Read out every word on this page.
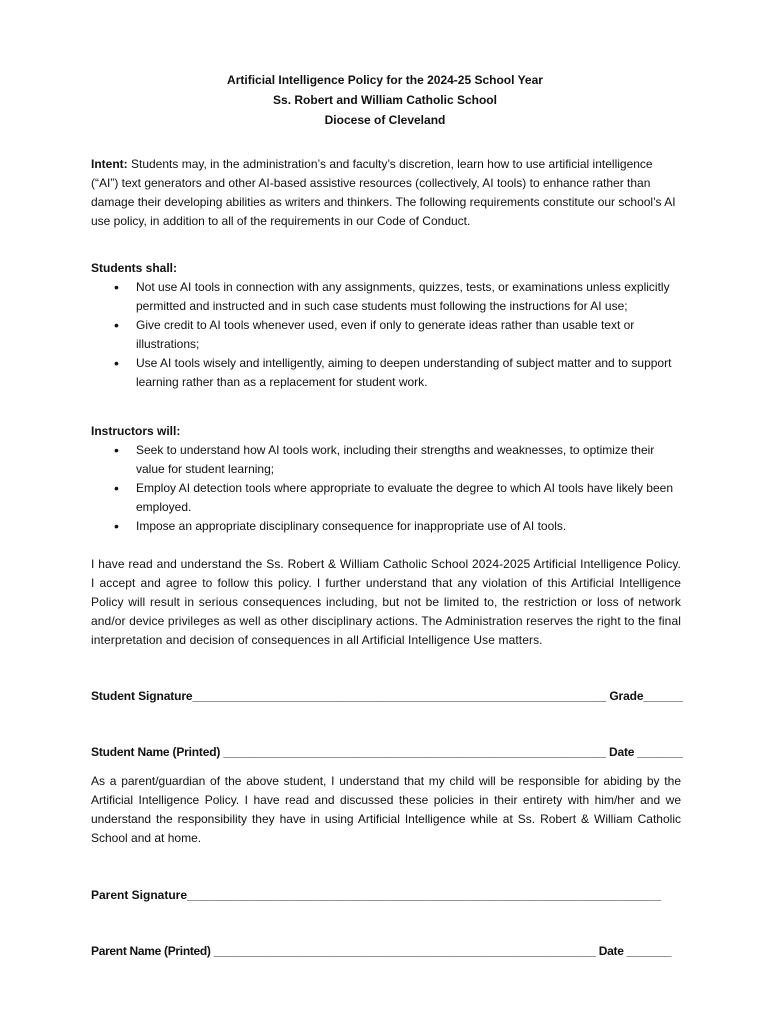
Artificial Intelligence Policy for the 2024-25 School Year
Ss. Robert and William Catholic School
Diocese of Cleveland
Intent: Students may, in the administration’s and faculty’s discretion, learn how to use artificial intelligence (“AI”) text generators and other AI-based assistive resources (collectively, AI tools) to enhance rather than damage their developing abilities as writers and thinkers. The following requirements constitute our school’s AI use policy, in addition to all of the requirements in our Code of Conduct.
Students shall:
• Not use AI tools in connection with any assignments, quizzes, tests, or examinations unless explicitly permitted and instructed and in such case students must following the instructions for AI use;
• Give credit to AI tools whenever used, even if only to generate ideas rather than usable text or illustrations;
• Use AI tools wisely and intelligently, aiming to deepen understanding of subject matter and to support learning rather than as a replacement for student work.
Instructors will:
• Seek to understand how AI tools work, including their strengths and weaknesses, to optimize their value for student learning;
• Employ AI detection tools where appropriate to evaluate the degree to which AI tools have likely been employed.
• Impose an appropriate disciplinary consequence for inappropriate use of AI tools.
I have read and understand the Ss. Robert & William Catholic School 2024-2025 Artificial Intelligence Policy. I accept and agree to follow this policy. I further understand that any violation of this Artificial Intelligence Policy will result in serious consequences including, but not be limited to, the restriction or loss of network and/or device privileges as well as other disciplinary actions. The Administration reserves the right to the final interpretation and decision of consequences in all Artificial Intelligence Use matters.
Student Signature_______________________________________________________________ Grade______
Student Name (Printed) ___________________________________________________________ Date _______
As a parent/guardian of the above student, I understand that my child will be responsible for abiding by the Artificial Intelligence Policy. I have read and discussed these policies in their entirety with him/her and we understand the responsibility they have in using Artificial Intelligence while at Ss. Robert & William Catholic School and at home.
Parent Signature_______________________________________________________________________
Parent Name (Printed) ____________________________________________________________ Date _______
